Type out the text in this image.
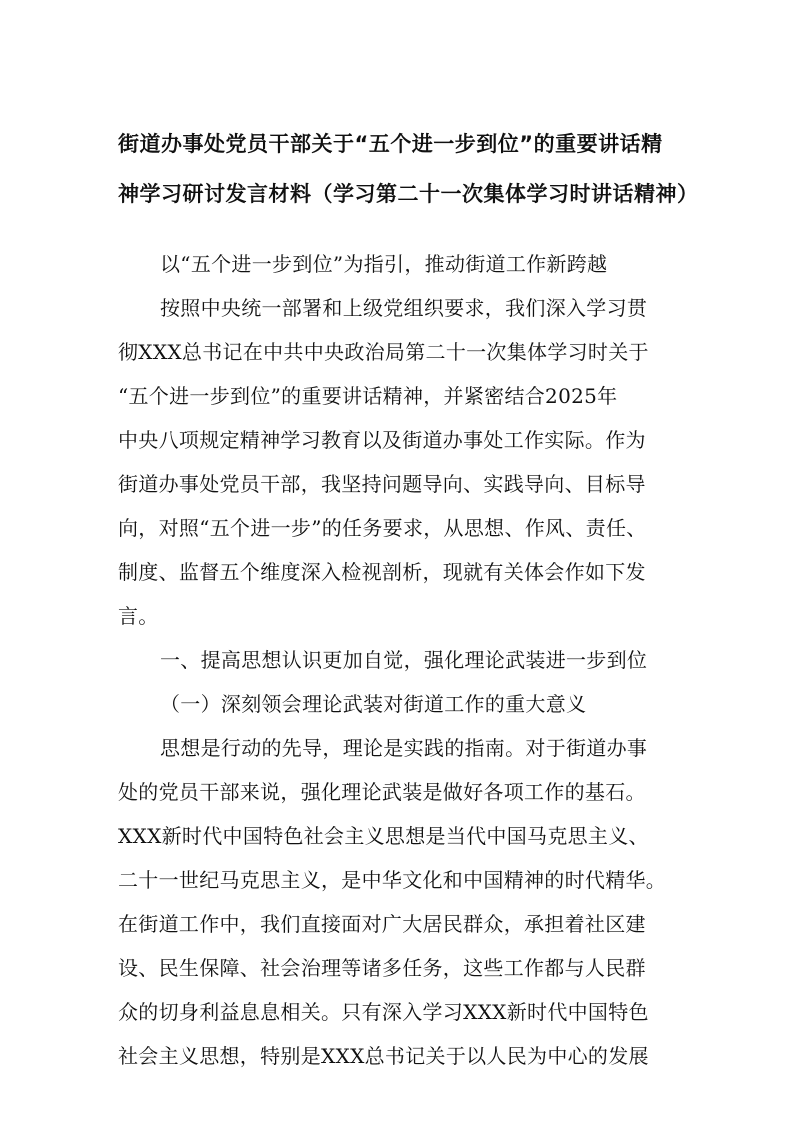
街道办事处党员干部关于“五个进一步到位”的重要讲话精
神学习研讨发言材料（学习第二十一次集体学习时讲话精神）
以“五个进一步到位”为指引，推动街道工作新跨越
按照中央统一部署和上级党组织要求，我们深入学习贯
彻XXX总书记在中共中央政治局第二十一次集体学习时关于
“五个进一步到位”的重要讲话精神，并紧密结合2025年
中央八项规定精神学习教育以及街道办事处工作实际。作为
街道办事处党员干部，我坚持问题导向、实践导向、目标导
向，对照“五个进一步”的任务要求，从思想、作风、责任、
制度、监督五个维度深入检视剖析，现就有关体会作如下发
言。
一、提高思想认识更加自觉，强化理论武装进一步到位
（一）深刻领会理论武装对街道工作的重大意义
思想是行动的先导，理论是实践的指南。对于街道办事
处的党员干部来说，强化理论武装是做好各项工作的基石。
XXX新时代中国特色社会主义思想是当代中国马克思主义、
二十一世纪马克思主义，是中华文化和中国精神的时代精华。
在街道工作中，我们直接面对广大居民群众，承担着社区建
设、民生保障、社会治理等诸多任务，这些工作都与人民群
众的切身利益息息相关。只有深入学习XXX新时代中国特色
社会主义思想，特别是XXX总书记关于以人民为中心的发展
